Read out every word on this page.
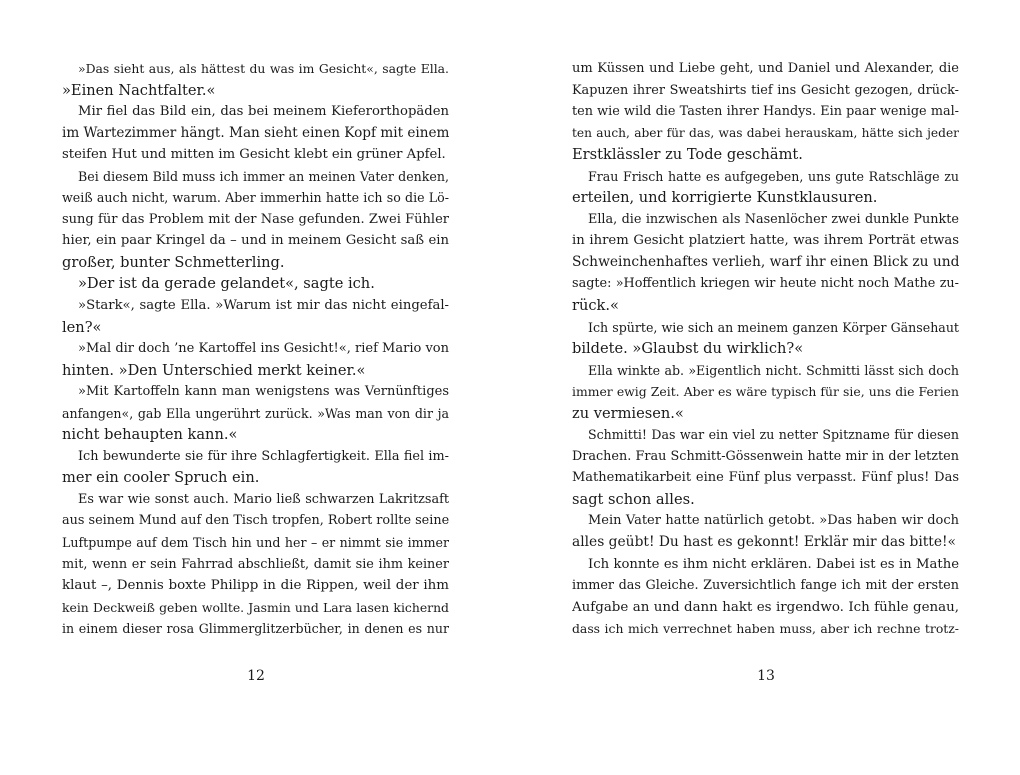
»Das sieht aus, als hättest du was im Gesicht«, sagte Ella.
»Einen Nachtfalter.«
Mir fiel das Bild ein, das bei meinem Kieferorthopäden
im Wartezimmer hängt. Man sieht einen Kopf mit einem
steifen Hut und mitten im Gesicht klebt ein grüner Apfel.
Bei diesem Bild muss ich immer an meinen Vater denken,
weiß auch nicht, warum. Aber immerhin hatte ich so die Lö-
sung für das Problem mit der Nase gefunden. Zwei Fühler
hier, ein paar Kringel da – und in meinem Gesicht saß ein
großer, bunter Schmetterling.
»Der ist da gerade gelandet«, sagte ich.
»Stark«, sagte Ella. »Warum ist mir das nicht eingefal-
len?«
»Mal dir doch ’ne Kartoffel ins Gesicht!«, rief Mario von
hinten. »Den Unterschied merkt keiner.«
»Mit Kartoffeln kann man wenigstens was Vernünftiges
anfangen«, gab Ella ungerührt zurück. »Was man von dir ja
nicht behaupten kann.«
Ich bewunderte sie für ihre Schlagfertigkeit. Ella fiel im-
mer ein cooler Spruch ein.
Es war wie sonst auch. Mario ließ schwarzen Lakritzsaft
aus seinem Mund auf den Tisch tropfen, Robert rollte seine
Luftpumpe auf dem Tisch hin und her – er nimmt sie immer
mit, wenn er sein Fahrrad abschließt, damit sie ihm keiner
klaut –, Dennis boxte Philipp in die Rippen, weil der ihm
kein Deckweiß geben wollte. Jasmin und Lara lasen kichernd
in einem dieser rosa Glimmerglitzerbücher, in denen es nur
12
um Küssen und Liebe geht, und Daniel und Alexander, die
Kapuzen ihrer Sweatshirts tief ins Gesicht gezogen, drück-
ten wie wild die Tasten ihrer Handys. Ein paar wenige mal-
ten auch, aber für das, was dabei herauskam, hätte sich jeder
Erstklässler zu Tode geschämt.
Frau Frisch hatte es aufgegeben, uns gute Ratschläge zu
erteilen, und korrigierte Kunstklausuren.
Ella, die inzwischen als Nasenlöcher zwei dunkle Punkte
in ihrem Gesicht platziert hatte, was ihrem Porträt etwas
Schweinchenhaftes verlieh, warf ihr einen Blick zu und
sagte: »Hoffentlich kriegen wir heute nicht noch Mathe zu-
rück.«
Ich spürte, wie sich an meinem ganzen Körper Gänsehaut
bildete. »Glaubst du wirklich?«
Ella winkte ab. »Eigentlich nicht. Schmitti lässt sich doch
immer ewig Zeit. Aber es wäre typisch für sie, uns die Ferien
zu vermiesen.«
Schmitti! Das war ein viel zu netter Spitzname für diesen
Drachen. Frau Schmitt-Gössenwein hatte mir in der letzten
Mathematikarbeit eine Fünf plus verpasst. Fünf plus! Das
sagt schon alles.
Mein Vater hatte natürlich getobt. »Das haben wir doch
alles geübt! Du hast es gekonnt! Erklär mir das bitte!«
Ich konnte es ihm nicht erklären. Dabei ist es in Mathe
immer das Gleiche. Zuversichtlich fange ich mit der ersten
Aufgabe an und dann hakt es irgendwo. Ich fühle genau,
dass ich mich verrechnet haben muss, aber ich rechne trotz-
13
